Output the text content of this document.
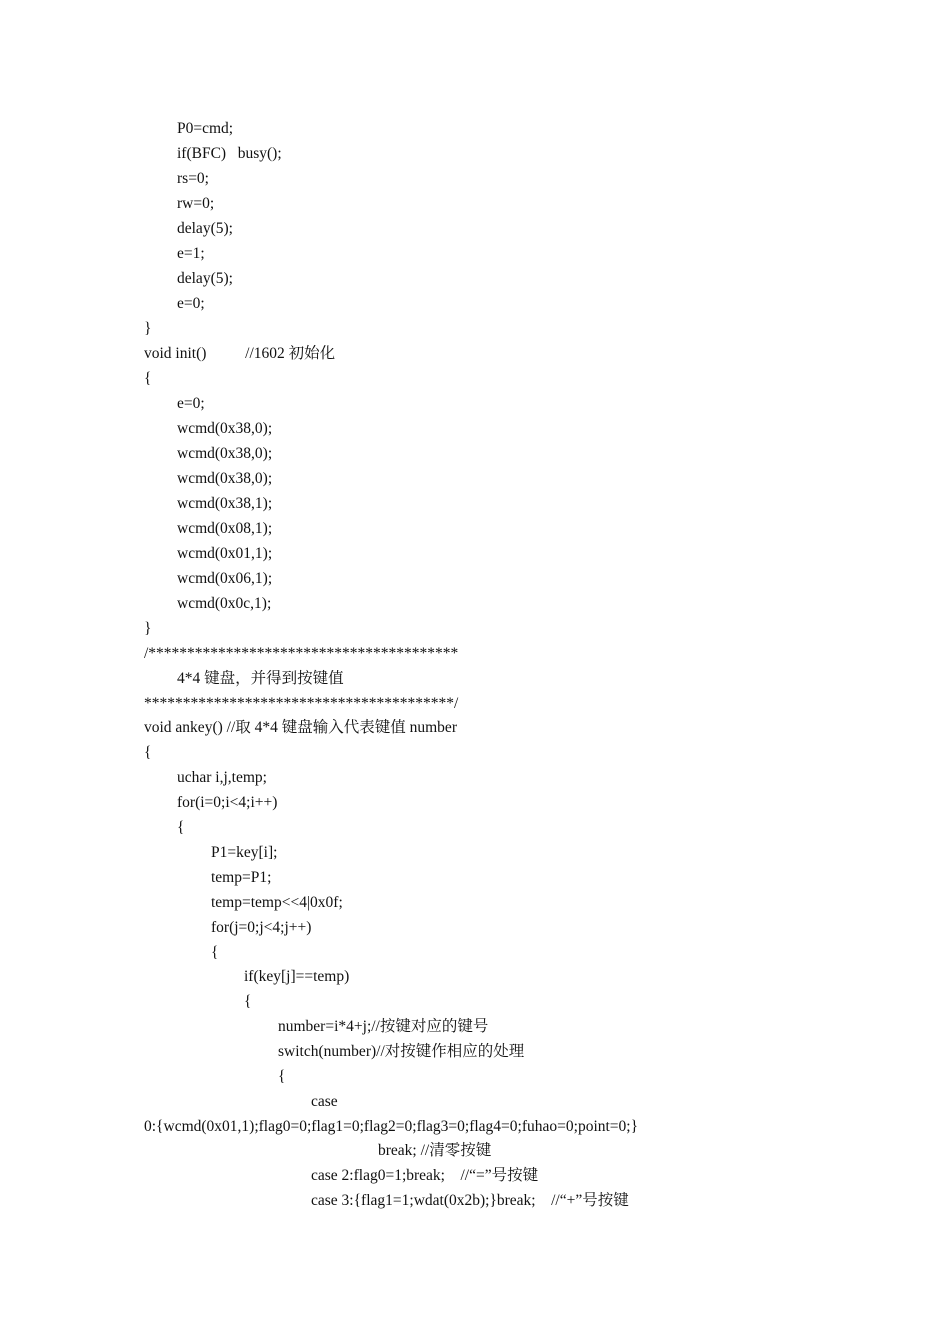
P0=cmd;
if(BFC)   busy();
rs=0;
rw=0;
delay(5);
e=1;
delay(5);
e=0;
}
void init()          //1602 初始化
{
e=0;
wcmd(0x38,0);
wcmd(0x38,0);
wcmd(0x38,0);
wcmd(0x38,1);
wcmd(0x08,1);
wcmd(0x01,1);
wcmd(0x06,1);
wcmd(0x0c,1);
}
/****************************************
4*4 键盘，并得到按键值
****************************************/
void ankey() //取 4*4 键盘输入代表键值 number
{
uchar i,j,temp;
for(i=0;i<4;i++)
{
P1=key[i];
temp=P1;
temp=temp<<4|0x0f;
for(j=0;j<4;j++)
{
if(key[j]==temp)
{
number=i*4+j;//按键对应的键号
switch(number)//对按键作相应的处理
{
case
0:{wcmd(0x01,1);flag0=0;flag1=0;flag2=0;flag3=0;flag4=0;fuhao=0;point=0;}
break; //清零按键
case 2:flag0=1;break;    //“=”号按键
case 3:{flag1=1;wdat(0x2b);}break;    //“+”号按键
